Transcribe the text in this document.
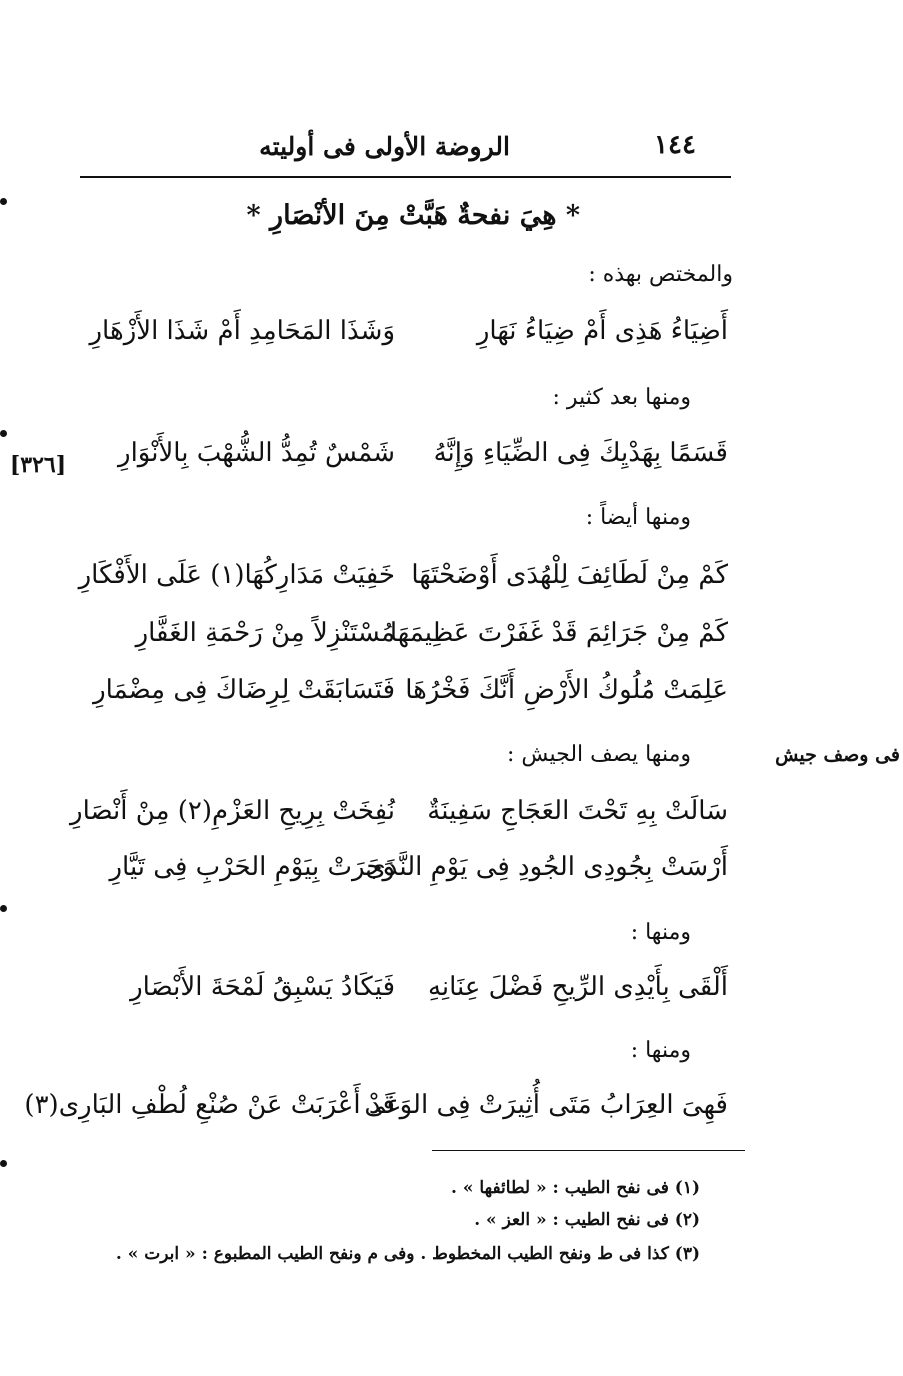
١٤٤
الروضة الأولى فى أوليته
* هِيَ نفحةٌ هَبَّتْ مِنَ الأنْصَارِ *
والمختص بهذه :
أَضِيَاءُ هَذِى أَمْ ضِيَاءُ نَهَارِ
وَشَذَا المَحَامِدِ أَمْ شَذَا الأَزْهَارِ
ومنها بعد كثير :
قَسَمًا بِهَدْيِكَ فِى الضِّيَاءِ وَإِنَّهُ
شَمْسٌ تُمِدُّ الشُّهْبَ بِالأَنْوَارِ
ومنها أيضاً :
كَمْ مِنْ لَطَائِفَ لِلْهُدَى أَوْضَحْتَهَا
خَفِيَتْ مَدَارِكُهَا(١) عَلَى الأَفْكَارِ
كَمْ مِنْ جَرَائِمَ قَدْ غَفَرْتَ عَظِيمَهَا
مُسْتَنْزِلاً مِنْ رَحْمَةِ الغَفَّارِ
عَلِمَتْ مُلُوكُ الأَرْضِ أَنَّكَ فَخْرُهَا
فَتَسَابَقَتْ لِرِضَاكَ فِى مِضْمَارِ
ومنها يصف الجيش :
سَالَتْ بِهِ تَحْتَ العَجَاجِ سَفِينَةٌ
نُفِخَتْ بِرِيحِ العَزْمِ(٢) مِنْ أَنْصَارِ
أَرْسَتْ بِجُودِى الجُودِ فِى يَوْمِ النَّدَى
وَجَرَتْ بِيَوْمِ الحَرْبِ فِى تَيَّارِ
ومنها :
أَلْقَى بِأَيْدِى الرِّيحِ فَضْلَ عِنَانِهِ
فَيَكَادُ يَسْبِقُ لَمْحَةَ الأَبْصَارِ
ومنها :
فَهِىَ العِرَابُ مَتَى أُثِيرَتْ فِى الوَغَى
قَدْ أَعْرَبَتْ عَنْ صُنْعِ لُطْفِ البَارِى(٣)
[٣٢٦]
فى وصف جيش
(١) فى نفح الطيب : « لطائفها » .
(٢) فى نفح الطيب : « العز » .
(٣) كذا فى ط ونفح الطيب المخطوط . وفى م ونفح الطيب المطبوع : « ابرت » .
